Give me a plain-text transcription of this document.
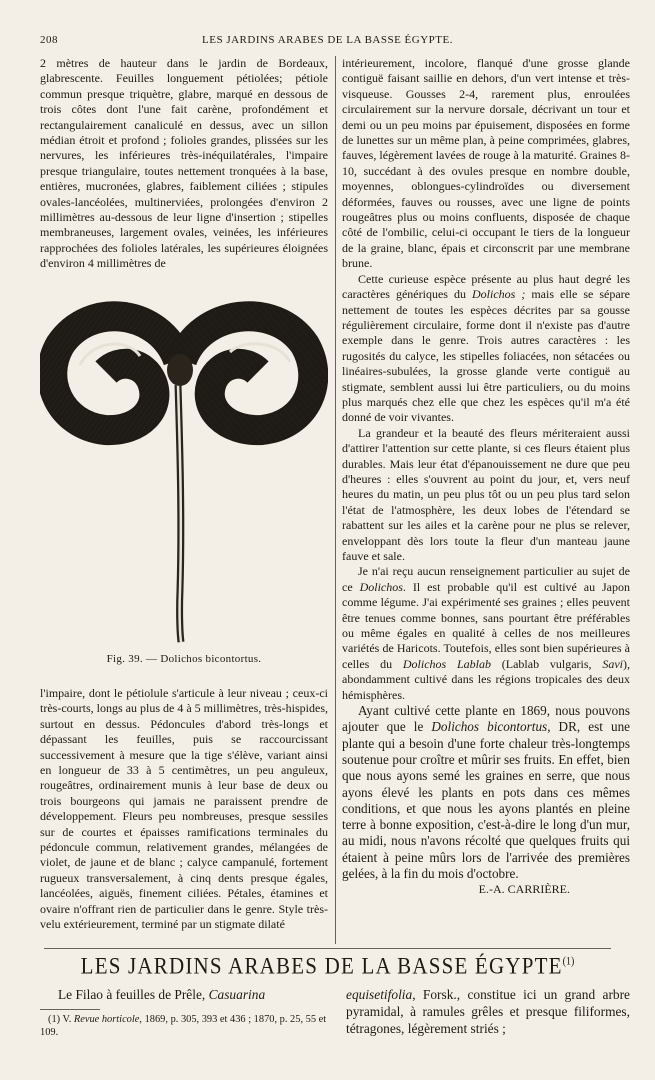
208	LES JARDINS ARABES DE LA BASSE ÉGYPTE.

2 mètres de hauteur dans le jardin de Bordeaux, glabrescente. Feuilles longuement pétiolées; pétiole commun presque triquètre, glabre, marqué en dessous de trois côtes dont l'une fait carène, profondément et rectangulairement canaliculé en dessus, avec un sillon médian étroit et profond ; folioles grandes, plissées sur les nervures, les inférieures très-inéquilatérales, l'impaire presque triangulaire, toutes nettement tronquées à la base, entières, mucronées, glabres, faiblement ciliées ; stipules ovales-lancéolées, multinerviées, prolongées d'environ 2 millimètres au-dessous de leur ligne d'insertion ; stipelles membraneuses, largement ovales, veinées, les inférieures rapprochées des folioles latérales, les supérieures éloignées d'environ 4 millimètres de

Fig. 39. — Dolichos bicontortus.

l'impaire, dont le pétiolule s'articule à leur niveau ; ceux-ci très-courts, longs au plus de 4 à 5 millimètres, très-hispides, surtout en dessus. Pédoncules d'abord très-longs et dépassant les feuilles, puis se raccourcissant successivement à mesure que la tige s'élève, variant ainsi en longueur de 33 à 5 centimètres, un peu anguleux, rougeâtres, ordinairement munis à leur base de deux ou trois bourgeons qui jamais ne paraissent prendre de développement. Fleurs peu nombreuses, presque sessiles sur de courtes et épaisses ramifications terminales du pédoncule commun, relativement grandes, mélangées de violet, de jaune et de blanc ; calyce campanulé, fortement rugueux transversalement, à cinq dents presque égales, lancéolées, aiguës, finement ciliées. Pétales, étamines et ovaire n'offrant rien de particulier dans le genre. Style très-velu extérieurement, terminé par un stigmate dilaté

intérieurement, incolore, flanqué d'une grosse glande contiguë faisant saillie en dehors, d'un vert intense et très-visqueuse. Gousses 2-4, rarement plus, enroulées circulairement sur la nervure dorsale, décrivant un tour et demi ou un peu moins par épuisement, disposées en forme de lunettes sur un même plan, à peine comprimées, glabres, fauves, légèrement lavées de rouge à la maturité. Graines 8-10, succédant à des ovules presque en nombre double, moyennes, oblongues-cylindroïdes ou diversement déformées, fauves ou rousses, avec une ligne de points rougeâtres plus ou moins confluents, disposée de chaque côté de l'ombilic, celui-ci occupant le tiers de la longueur de la graine, blanc, épais et circonscrit par une membrane brune.

Cette curieuse espèce présente au plus haut degré les caractères génériques du Dolichos ; mais elle se sépare nettement de toutes les espèces décrites par sa gousse régulièrement circulaire, forme dont il n'existe pas d'autre exemple dans le genre. Trois autres caractères : les rugosités du calyce, les stipelles foliacées, non sétacées ou linéaires-subulées, la grosse glande verte contiguë au stigmate, semblent aussi lui être particuliers, ou du moins plus marqués chez elle que chez les espèces qu'il m'a été donné de voir vivantes.

La grandeur et la beauté des fleurs mériteraient aussi d'attirer l'attention sur cette plante, si ces fleurs étaient plus durables. Mais leur état d'épanouissement ne dure que peu d'heures : elles s'ouvrent au point du jour, et, vers neuf heures du matin, un peu plus tôt ou un peu plus tard selon l'état de l'atmosphère, les deux lobes de l'étendard se rabattent sur les ailes et la carène pour ne plus se relever, enveloppant dès lors toute la fleur d'un manteau jaune fauve et sale.

Je n'ai reçu aucun renseignement particulier au sujet de ce Dolichos. Il est probable qu'il est cultivé au Japon comme légume. J'ai expérimenté ses graines ; elles peuvent être tenues comme bonnes, sans pourtant être préférables ou même égales en qualité à celles de nos meilleures variétés de Haricots. Toutefois, elles sont bien supérieures à celles du Dolichos Lablab (Lablab vulgaris, Savi), abondamment cultivé dans les régions tropicales des deux hémisphères.

Ayant cultivé cette plante en 1869, nous pouvons ajouter que le Dolichos bicontortus, DR, est une plante qui a besoin d'une forte chaleur très-longtemps soutenue pour croître et mûrir ses fruits. En effet, bien que nous ayons semé les graines en serre, que nous ayons élevé les plants en pots dans ces mêmes conditions, et que nous les ayons plantés en pleine terre à bonne exposition, c'est-à-dire le long d'un mur, au midi, nous n'avons récolté que quelques fruits qui étaient à peine mûrs lors de l'arrivée des premières gelées, à la fin du mois d'octobre.

E.-A. CARRIÈRE.

LES JARDINS ARABES DE LA BASSE ÉGYPTE$^{(1)}$

Le Filao à feuilles de Prêle, Casuarina

(1) V. Revue horticole, 1869, p. 305, 393 et 436 ; 1870, p. 25, 55 et 109.

equisetifolia, Forsk., constitue ici un grand arbre pyramidal, à ramules grêles et presque filiformes, tétragones, légèrement striés ;
